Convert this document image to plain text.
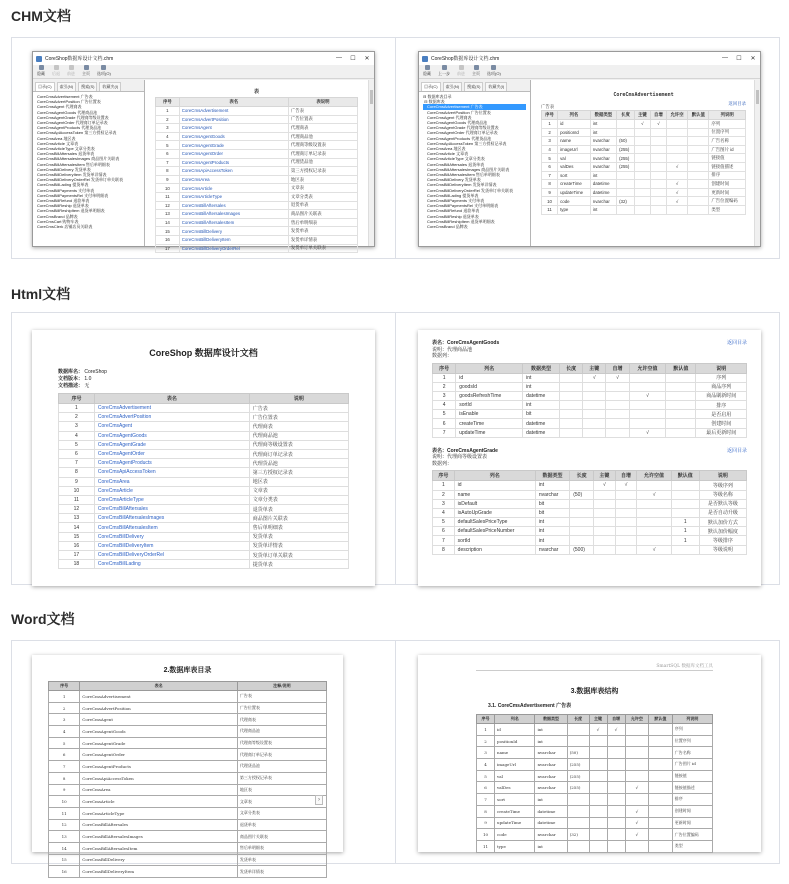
CHM文档
CoreShop数据库设计文档.chm	—	☐	✕
隐藏 后退 前进 主页 选项(O)
目录(C)	索引(N)	搜索(S)	收藏夹(I)
CoreCmsAdvertisement 广告表
CoreCmsAdvertPosition 广告位置表
CoreCmsAgent 代理商表
CoreCmsAgentGoods 代理商品池
CoreCmsAgentGrade 代理商等级设置表
CoreCmsAgentOrder 代理商订单记录表
CoreCmsAgentProducts 代理货品池
CoreCmsApiAccessToken 第三方授权记录表
CoreCmsArea 地区表
CoreCmsArticle 文章表
CoreCmsArticleType 文章分类表
CoreCmsBillAftersales 退货单表
CoreCmsBillAftersalesImages 商品图片关联表
CoreCmsBillAftersalesItem 售后单明细表
CoreCmsBillDelivery 发货单表
CoreCmsBillDeliveryItem 发货单详情表
CoreCmsBillDeliveryOrderRel 发货单订单关联表
CoreCmsBillLading 提货单表
CoreCmsBillPayments 支付单表
CoreCmsBillPaymentsRel 支付单明细表
CoreCmsBillRefund 退款单表
CoreCmsBillReship 退货单表
CoreCmsBillReshipItem 退货单明细表
CoreCmsBrand 品牌表
CoreCmsCart 购物车表
CoreCmsClerk 店铺店员关联表
表
序号	表名	表说明
1	CoreCmsAdvertisement	广告表
2	CoreCmsAdvertPosition	广告位置表
3	CoreCmsAgent	代理商表
4	CoreCmsAgentGoods	代理商品池
5	CoreCmsAgentGrade	代理商等级设置表
6	CoreCmsAgentOrder	代理商订单记录表
7	CoreCmsAgentProducts	代理货品池
8	CoreCmsApiAccessToken	第三方授权记录表
9	CoreCmsArea	地区表
10	CoreCmsArticle	文章表
11	CoreCmsArticleType	文章分类表
12	CoreCmsBillAftersales	退货单表
13	CoreCmsBillAftersalesImages	商品图片关联表
14	CoreCmsBillAftersalesItem	售后单明细表
15	CoreCmsBillDelivery	发货单表
16	CoreCmsBillDeliveryItem	发货单详情表
17	CoreCmsBillDeliveryOrderRel	发货单订单关联表
CoreShop数据库设计文档.chm	—	☐	✕
隐藏 上一步 前进 主页 选项(O)
目录(C)	索引(N)	搜索(S)	收藏夹(I)
⊟ 数据库表目录
⊟ 数据库表
CoreCmsAdvertisement 广告表
CoreCmsAdvertPosition 广告位置表
CoreCmsAgent 代理商表
CoreCmsAgentGoods 代理商品池
CoreCmsAgentGrade 代理商等级设置表
CoreCmsAgentOrder 代理商订单记录表
CoreCmsAgentProducts 代理货品池
CoreCmsApiAccessToken 第三方授权记录表
CoreCmsArea 地区表
CoreCmsArticle 文章表
CoreCmsArticleType 文章分类表
CoreCmsBillAftersales 退货单表
CoreCmsBillAftersalesImages 商品图片关联表
CoreCmsBillAftersalesItem 售后单明细表
CoreCmsBillDelivery 发货单表
CoreCmsBillDeliveryItem 发货单详情表
CoreCmsBillDeliveryOrderRel 发货单订单关联表
CoreCmsBillLading 提货单表
CoreCmsBillPayments 支付单表
CoreCmsBillPaymentsRel 支付单明细表
CoreCmsBillRefund 退款单表
CoreCmsBillReship 退货单表
CoreCmsBillReshipItem 退货单明细表
CoreCmsBrand 品牌表
CoreCmsAdvertisement
广告表
返回目录
序号	列名	数据类型	长度	主键	自增	允许空	默认值	列说明
1	id	int		√	√			序列
2	positionId	int						位置序列
3	name	nvarchar	(50)					广告名称
4	imageUrl	nvarchar	(255)					广告图片 id
5	val	nvarchar	(255)					链接值
6	valDes	nvarchar	(255)			√		链接值描述
7	sort	int						排序
8	createTime	datetime				√		创建时间
9	updateTime	datetime				√		更新时间
10	code	nvarchar	(32)			√		广告位置编码
11	type	int						类型
Html文档
CoreShop 数据库设计文档
数据库名： CoreShop
文档版本： 1.0
文档描述： 无
序号	表名	说明
1	CoreCmsAdvertisement	广告表
2	CoreCmsAdvertPosition	广告位置表
3	CoreCmsAgent	代理商表
4	CoreCmsAgentGoods	代理商品池
5	CoreCmsAgentGrade	代理商等级设置表
6	CoreCmsAgentOrder	代理商订单记录表
7	CoreCmsAgentProducts	代理货品池
8	CoreCmsApiAccessToken	第三方授权记录表
9	CoreCmsArea	地区表
10	CoreCmsArticle	文章表
11	CoreCmsArticleType	文章分类表
12	CoreCmsBillAftersales	退货单表
13	CoreCmsBillAftersalesImages	商品图片关联表
14	CoreCmsBillAftersalesItem	售后单明细表
15	CoreCmsBillDelivery	发货单表
16	CoreCmsBillDeliveryItem	发货单详情表
17	CoreCmsBillDeliveryOrderRel	发货单订单关联表
18	CoreCmsBillLading	提货单表
表名：CoreCmsAgentGoods
说明：代理商品池
数据列：
返回目录
序号	列名	数据类型	长度	主键	自增	允许空值	默认值	说明
1	id	int		√	√			序列
2	goodsId	int						商品序列
3	goodsRefreshTime	datetime				√		商品刷新时间
4	sortId	int						排序
5	isEnable	bit						是否启用
6	createTime	datetime						创建时间
7	updateTime	datetime				√		最后更新时间
表名：CoreCmsAgentGrade
说明：代理商等级设置表
数据列：
返回目录
序号	列名	数据类型	长度	主键	自增	允许空值	默认值	说明
1	id	int		√	√			等级序列
2	name	nvarchar	(50)			√		等级名称
3	isDefault	bit						是否默认等级
4	isAutoUpGrade	bit						是否自动升级
5	defaultSalesPriceType	int					1	默认加价方式
6	defaultSalesPriceNumber	int					1	默认加价幅度
7	sortId	int					1	等级排序
8	description	nvarchar	(500)			√		等级说明
Word文档
2.数据库表目录
序号	表名	注释/说明
1	CoreCmsAdvertisement	广告表
2	CoreCmsAdvertPosition	广告位置表
3	CoreCmsAgent	代理商表
4	CoreCmsAgentGoods	代理商品池
5	CoreCmsAgentGrade	代理商等级设置表
6	CoreCmsAgentOrder	代理商订单记录表
7	CoreCmsAgentProducts	代理货品池
8	CoreCmsApiAccessToken	第三方授权记录表
9	CoreCmsArea	地区表
10	CoreCmsArticle	文章表
11	CoreCmsArticleType	文章分类表
12	CoreCmsBillAftersales	退货单表
13	CoreCmsBillAftersalesImages	商品图片关联表
14	CoreCmsBillAftersalesItem	售后单明细表
15	CoreCmsBillDelivery	发货单表
16	CoreCmsBillDeliveryItem	发货单详情表
›
SmartSQL 数据库文档工具
3.数据库表结构
3.1. CoreCmsAdvertisement 广告表
序号	列名	数据类型	长度	主键	自增	允许空	默认值	列说明
1	id	int		√	√			序列
2	positionId	int						位置序列
3	name	nvarchar	(50)					广告名称
4	imageUrl	nvarchar	(255)					广告图片 id
5	val	nvarchar	(255)					链接值
6	valDes	nvarchar	(255)			√		链接值描述
7	sort	int						排序
8	createTime	datetime				√		创建时间
9	updateTime	datetime				√		更新时间
10	code	nvarchar	(32)			√		广告位置编码
11	type	int						类型
